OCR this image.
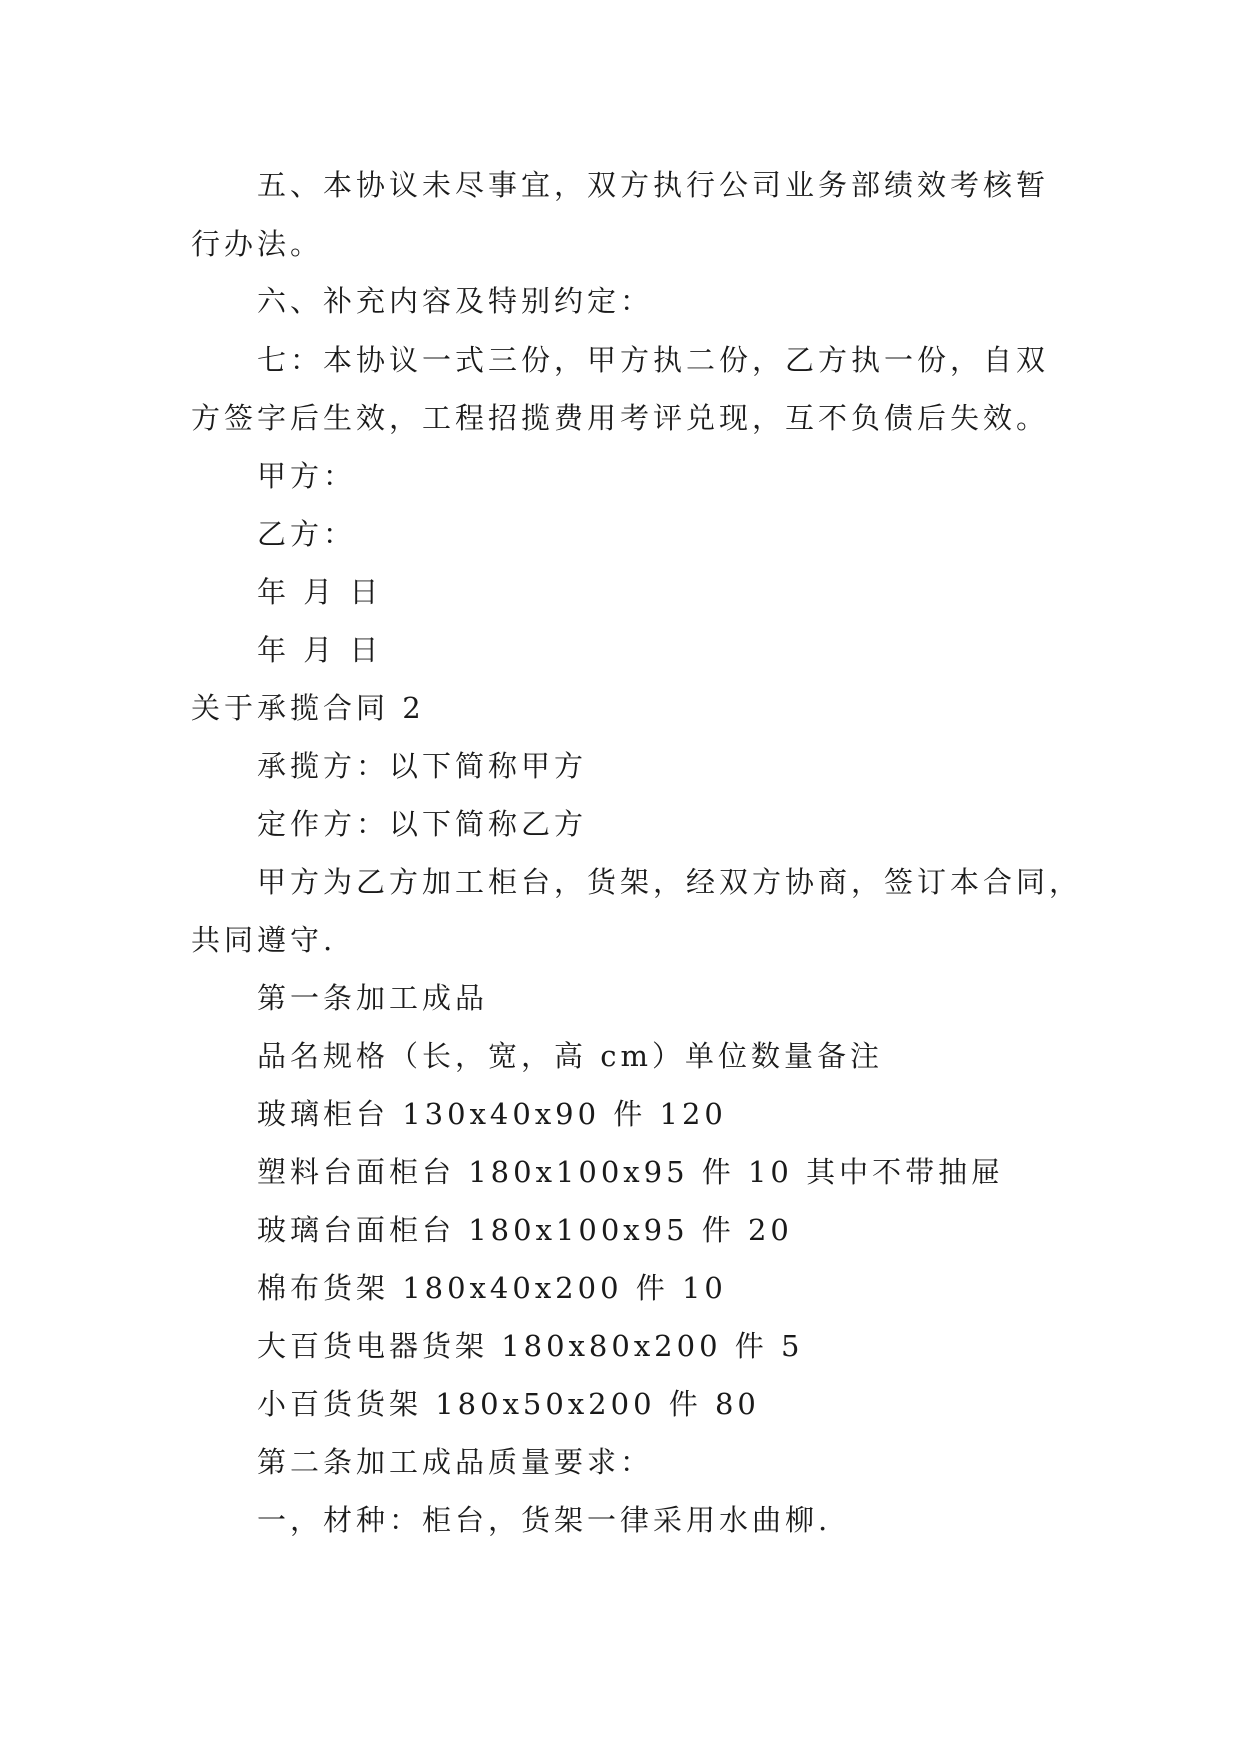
五、本协议未尽事宜，双方执行公司业务部绩效考核暂
行办法。
六、补充内容及特别约定：
七：本协议一式三份，甲方执二份，乙方执一份，自双
方签字后生效，工程招揽费用考评兑现，互不负债后失效。
甲方：
乙方：
年 月 日
年 月 日
关于承揽合同 2
承揽方：以下简称甲方
定作方：以下简称乙方
甲方为乙方加工柜台，货架，经双方协商，签订本合同，
共同遵守.
第一条加工成品
品名规格（长，宽，高 cm）单位数量备注
玻璃柜台 130x40x90 件 120
塑料台面柜台 180x100x95 件 10 其中不带抽屉
玻璃台面柜台 180x100x95 件 20
棉布货架 180x40x200 件 10
大百货电器货架 180x80x200 件 5
小百货货架 180x50x200 件 80
第二条加工成品质量要求：
一，材种：柜台，货架一律采用水曲柳.
